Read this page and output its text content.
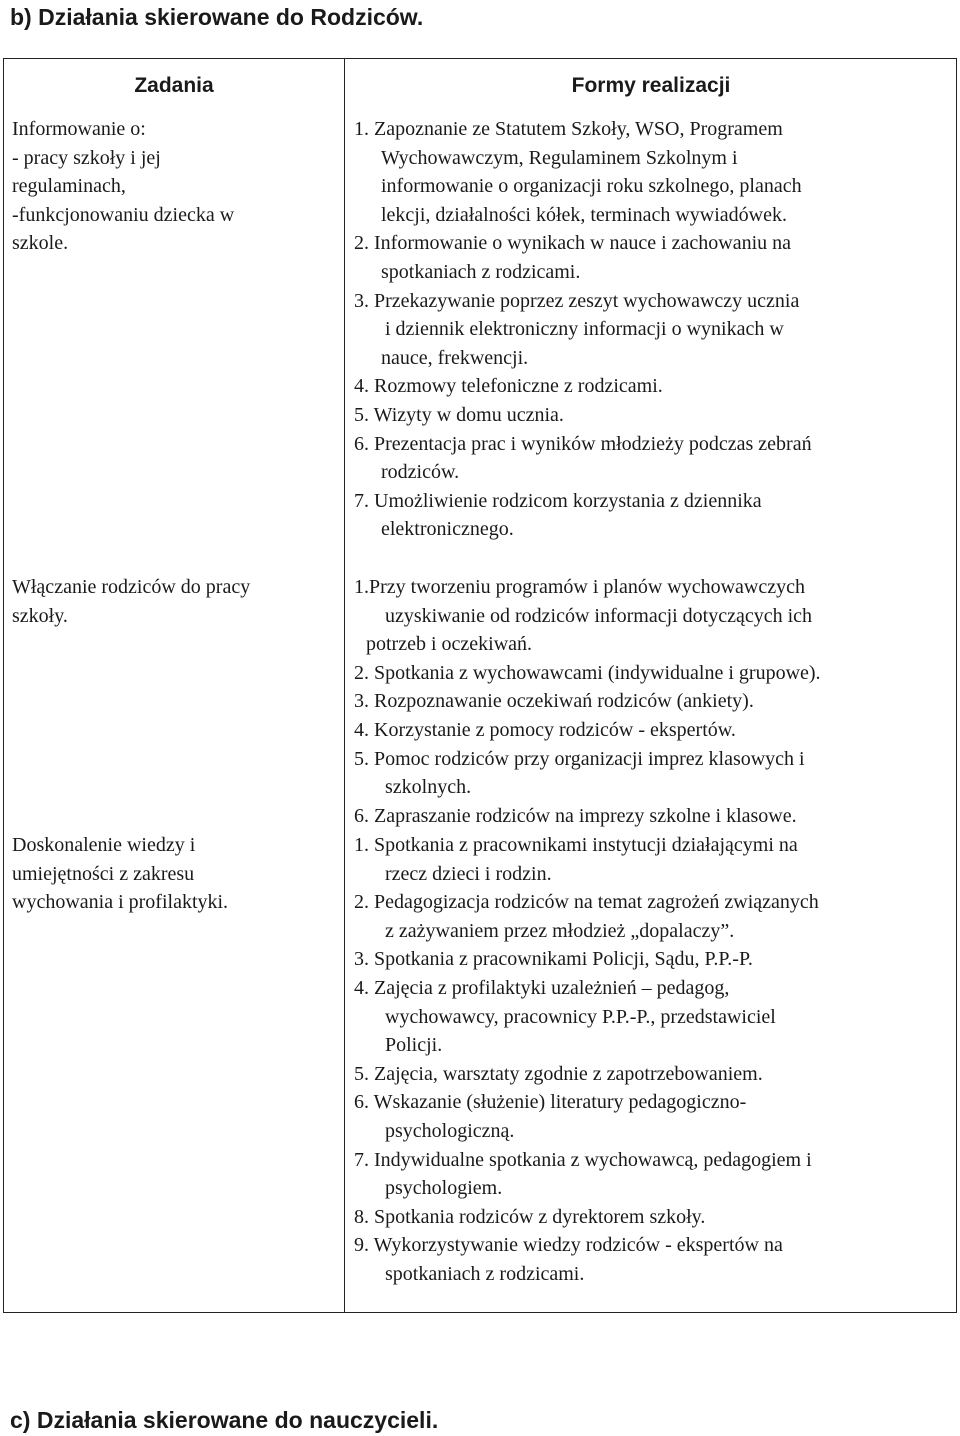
b) Działania skierowane do Rodziców.
Zadania	Formy realizacji
Informowanie o:
- pracy szkoły i jej
regulaminach,
-funkcjonowaniu dziecka w
szkole.
1. Zapoznanie ze Statutem Szkoły, WSO, Programem
Wychowawczym, Regulaminem Szkolnym i
informowanie o organizacji roku szkolnego, planach
lekcji, działalności kółek, terminach wywiadówek.
2. Informowanie o wynikach w nauce i zachowaniu na
spotkaniach z rodzicami.
3. Przekazywanie poprzez zeszyt wychowawczy ucznia
i dziennik elektroniczny informacji o wynikach w
nauce, frekwencji.
4. Rozmowy telefoniczne z rodzicami.
5. Wizyty w domu ucznia.
6. Prezentacja prac i wyników młodzieży podczas zebrań
rodziców.
7. Umożliwienie rodzicom korzystania z dziennika
elektronicznego.
Włączanie rodziców do pracy
szkoły.
1.Przy tworzeniu programów i planów wychowawczych
uzyskiwanie od rodziców informacji dotyczących ich
potrzeb i oczekiwań.
2. Spotkania z wychowawcami (indywidualne i grupowe).
3. Rozpoznawanie oczekiwań rodziców (ankiety).
4. Korzystanie z pomocy rodziców - ekspertów.
5. Pomoc rodziców przy organizacji imprez klasowych i
szkolnych.
6. Zapraszanie rodziców na imprezy szkolne i klasowe.
Doskonalenie wiedzy i
umiejętności z zakresu
wychowania i profilaktyki.
1. Spotkania z pracownikami instytucji działającymi na
rzecz dzieci i rodzin.
2. Pedagogizacja rodziców na temat zagrożeń związanych
z zażywaniem przez młodzież „dopalaczy”.
3. Spotkania z pracownikami Policji, Sądu, P.P.-P.
4. Zajęcia z profilaktyki uzależnień – pedagog,
wychowawcy, pracownicy P.P.-P., przedstawiciel
Policji.
5. Zajęcia, warsztaty zgodnie z zapotrzebowaniem.
6. Wskazanie (służenie) literatury pedagogiczno-
psychologiczną.
7. Indywidualne spotkania z wychowawcą, pedagogiem i
psychologiem.
8. Spotkania rodziców z dyrektorem szkoły.
9. Wykorzystywanie wiedzy rodziców - ekspertów na
spotkaniach z rodzicami.
c) Działania skierowane do nauczycieli.
